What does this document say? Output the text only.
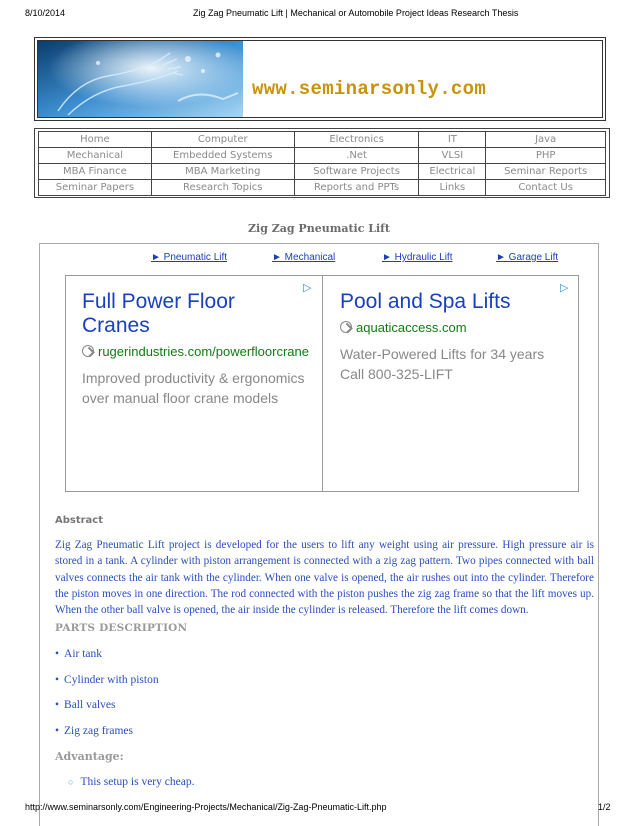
8/10/2014	Zig Zag Pneumatic Lift | Mechanical or Automobile Project Ideas Research Thesis
www.seminarsonly.com
Home	Computer	Electronics	IT	Java
Mechanical	Embedded Systems	.Net	VLSI	PHP
MBA Finance	MBA Marketing	Software Projects	Electrical	Seminar Reports
Seminar Papers	Research Topics	Reports and PPTs	Links	Contact Us
Zig Zag Pneumatic Lift
► Pneumatic Lift	► Mechanical	► Hydraulic Lift	► Garage Lift
▷
Full Power Floor Cranes
rugerindustries.com/powerfloorcrane
Improved productivity & ergonomics over manual floor crane models
▷
Pool and Spa Lifts
aquaticaccess.com
Water-Powered Lifts for 34 years Call 800-325-LIFT
Abstract
Zig Zag Pneumatic Lift project is developed for the users to lift any weight using air pressure. High pressure air is stored in a tank. A cylinder with piston arrangement is connected with a zig zag pattern. Two pipes connected with ball valves connects the air tank with the cylinder. When one valve is opened, the air rushes out into the cylinder. Therefore the piston moves in one direction. The rod connected with the piston pushes the zig zag frame so that the lift moves up. When the other ball valve is opened, the air inside the cylinder is released. Therefore the lift comes down.
PARTS DESCRIPTION
• Air tank
• Cylinder with piston
• Ball valves
• Zig zag frames
Advantage:
○ This setup is very cheap.
http://www.seminarsonly.com/Engineering-Projects/Mechanical/Zig-Zag-Pneumatic-Lift.php	1/2
